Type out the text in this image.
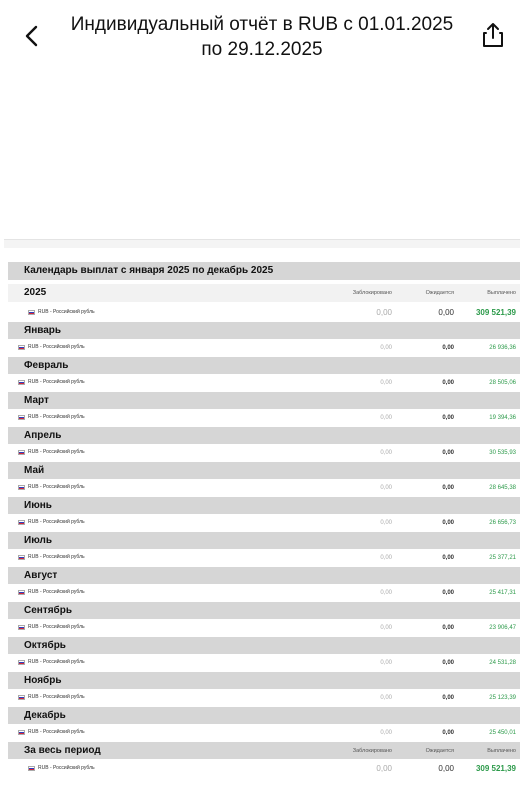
Индивидуальный отчёт в RUB с 01.01.2025 по 29.12.2025
Календарь выплат с января 2025 по декабрь 2025
2025	Заблокировано	Ожидается	Выплачено
RUB - Российский рубль	0,00	0,00	309 521,39
Январь
RUB - Российский рубль	0,00	0,00	26 936,36
Февраль
RUB - Российский рубль	0,00	0,00	28 505,06
Март
RUB - Российский рубль	0,00	0,00	19 394,36
Апрель
RUB - Российский рубль	0,00	0,00	30 535,93
Май
RUB - Российский рубль	0,00	0,00	28 645,38
Июнь
RUB - Российский рубль	0,00	0,00	26 656,73
Июль
RUB - Российский рубль	0,00	0,00	25 377,21
Август
RUB - Российский рубль	0,00	0,00	25 417,31
Сентябрь
RUB - Российский рубль	0,00	0,00	23 906,47
Октябрь
RUB - Российский рубль	0,00	0,00	24 531,28
Ноябрь
RUB - Российский рубль	0,00	0,00	25 123,39
Декабрь
RUB - Российский рубль	0,00	0,00	25 450,01
За весь период	Заблокировано	Ожидается	Выплачено
RUB - Российский рубль	0,00	0,00	309 521,39
